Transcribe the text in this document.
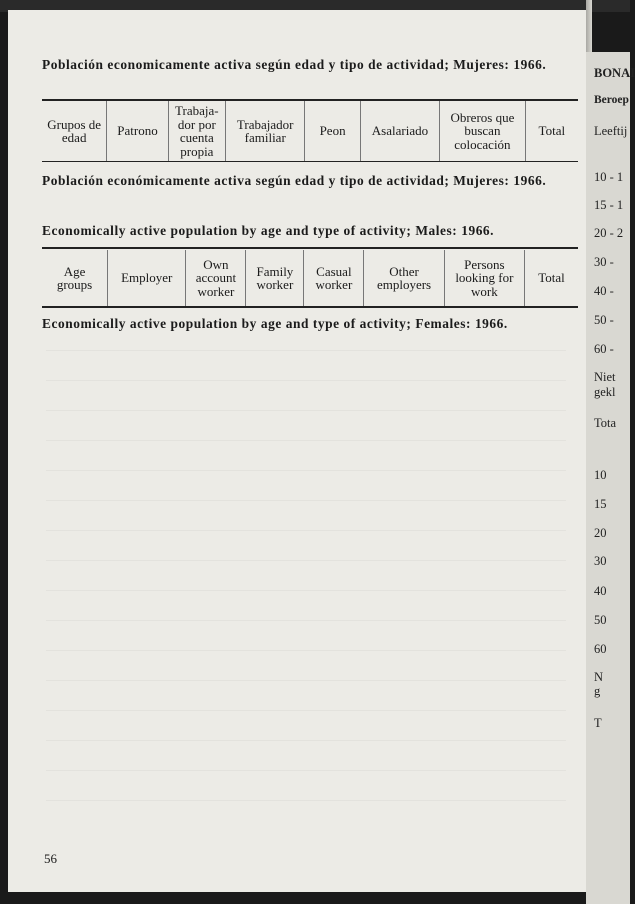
Población economicamente activa según edad y tipo de actividad; Mujeres: 1966.
Grupos de edad	Patrono	Trabaja-dor por cuenta propia	Trabajador familiar	Peon	Asalariado	Obreros que buscan colocación	Total
Población económicamente activa según edad y tipo de actividad; Mujeres: 1966.
Economically active population by age and type of activity; Males: 1966.
Age groups	Employer	Own account worker	Family worker	Casual worker	Other employers	Persons looking for work	Total
Economically active population by age and type of activity; Females: 1966.
56
BONAI
Beroep
Leeftij
10 - 1
15 - 1
20 - 2
30 -
40 -
50 -
60 -
Niet
gekl
Tota
10
15
20
30
40
50
60
N
g
T
